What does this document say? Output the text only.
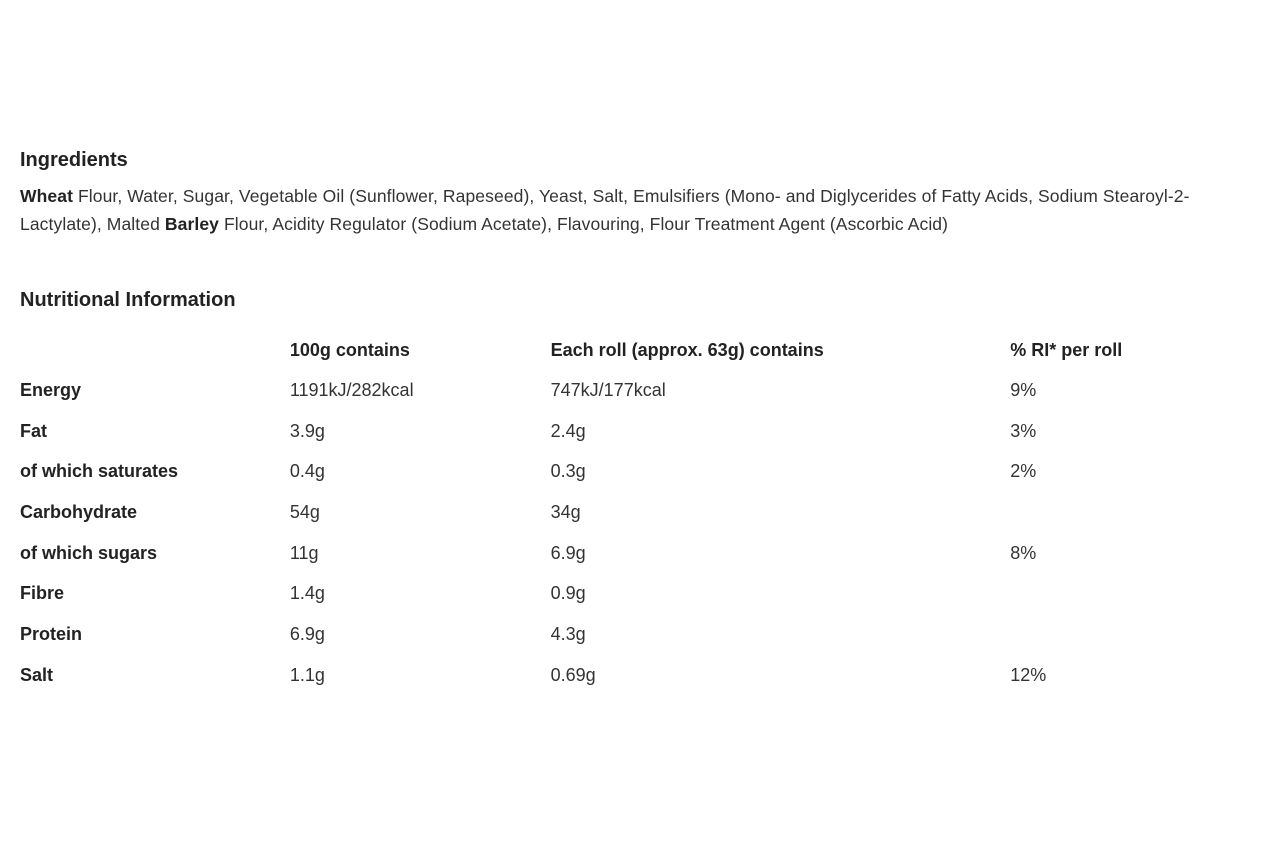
Ingredients
Wheat Flour, Water, Sugar, Vegetable Oil (Sunflower, Rapeseed), Yeast, Salt, Emulsifiers (Mono- and Diglycerides of Fatty Acids, Sodium Stearoyl-2- Lactylate), Malted Barley Flour, Acidity Regulator (Sodium Acetate), Flavouring, Flour Treatment Agent (Ascorbic Acid)
Nutritional Information
	100g contains	Each roll (approx. 63g) contains	% RI* per roll
Energy	1191kJ/282kcal	747kJ/177kcal	9%
Fat	3.9g	2.4g	3%
of which saturates	0.4g	0.3g	2%
Carbohydrate	54g	34g	
of which sugars	11g	6.9g	8%
Fibre	1.4g	0.9g	
Protein	6.9g	4.3g	
Salt	1.1g	0.69g	12%
